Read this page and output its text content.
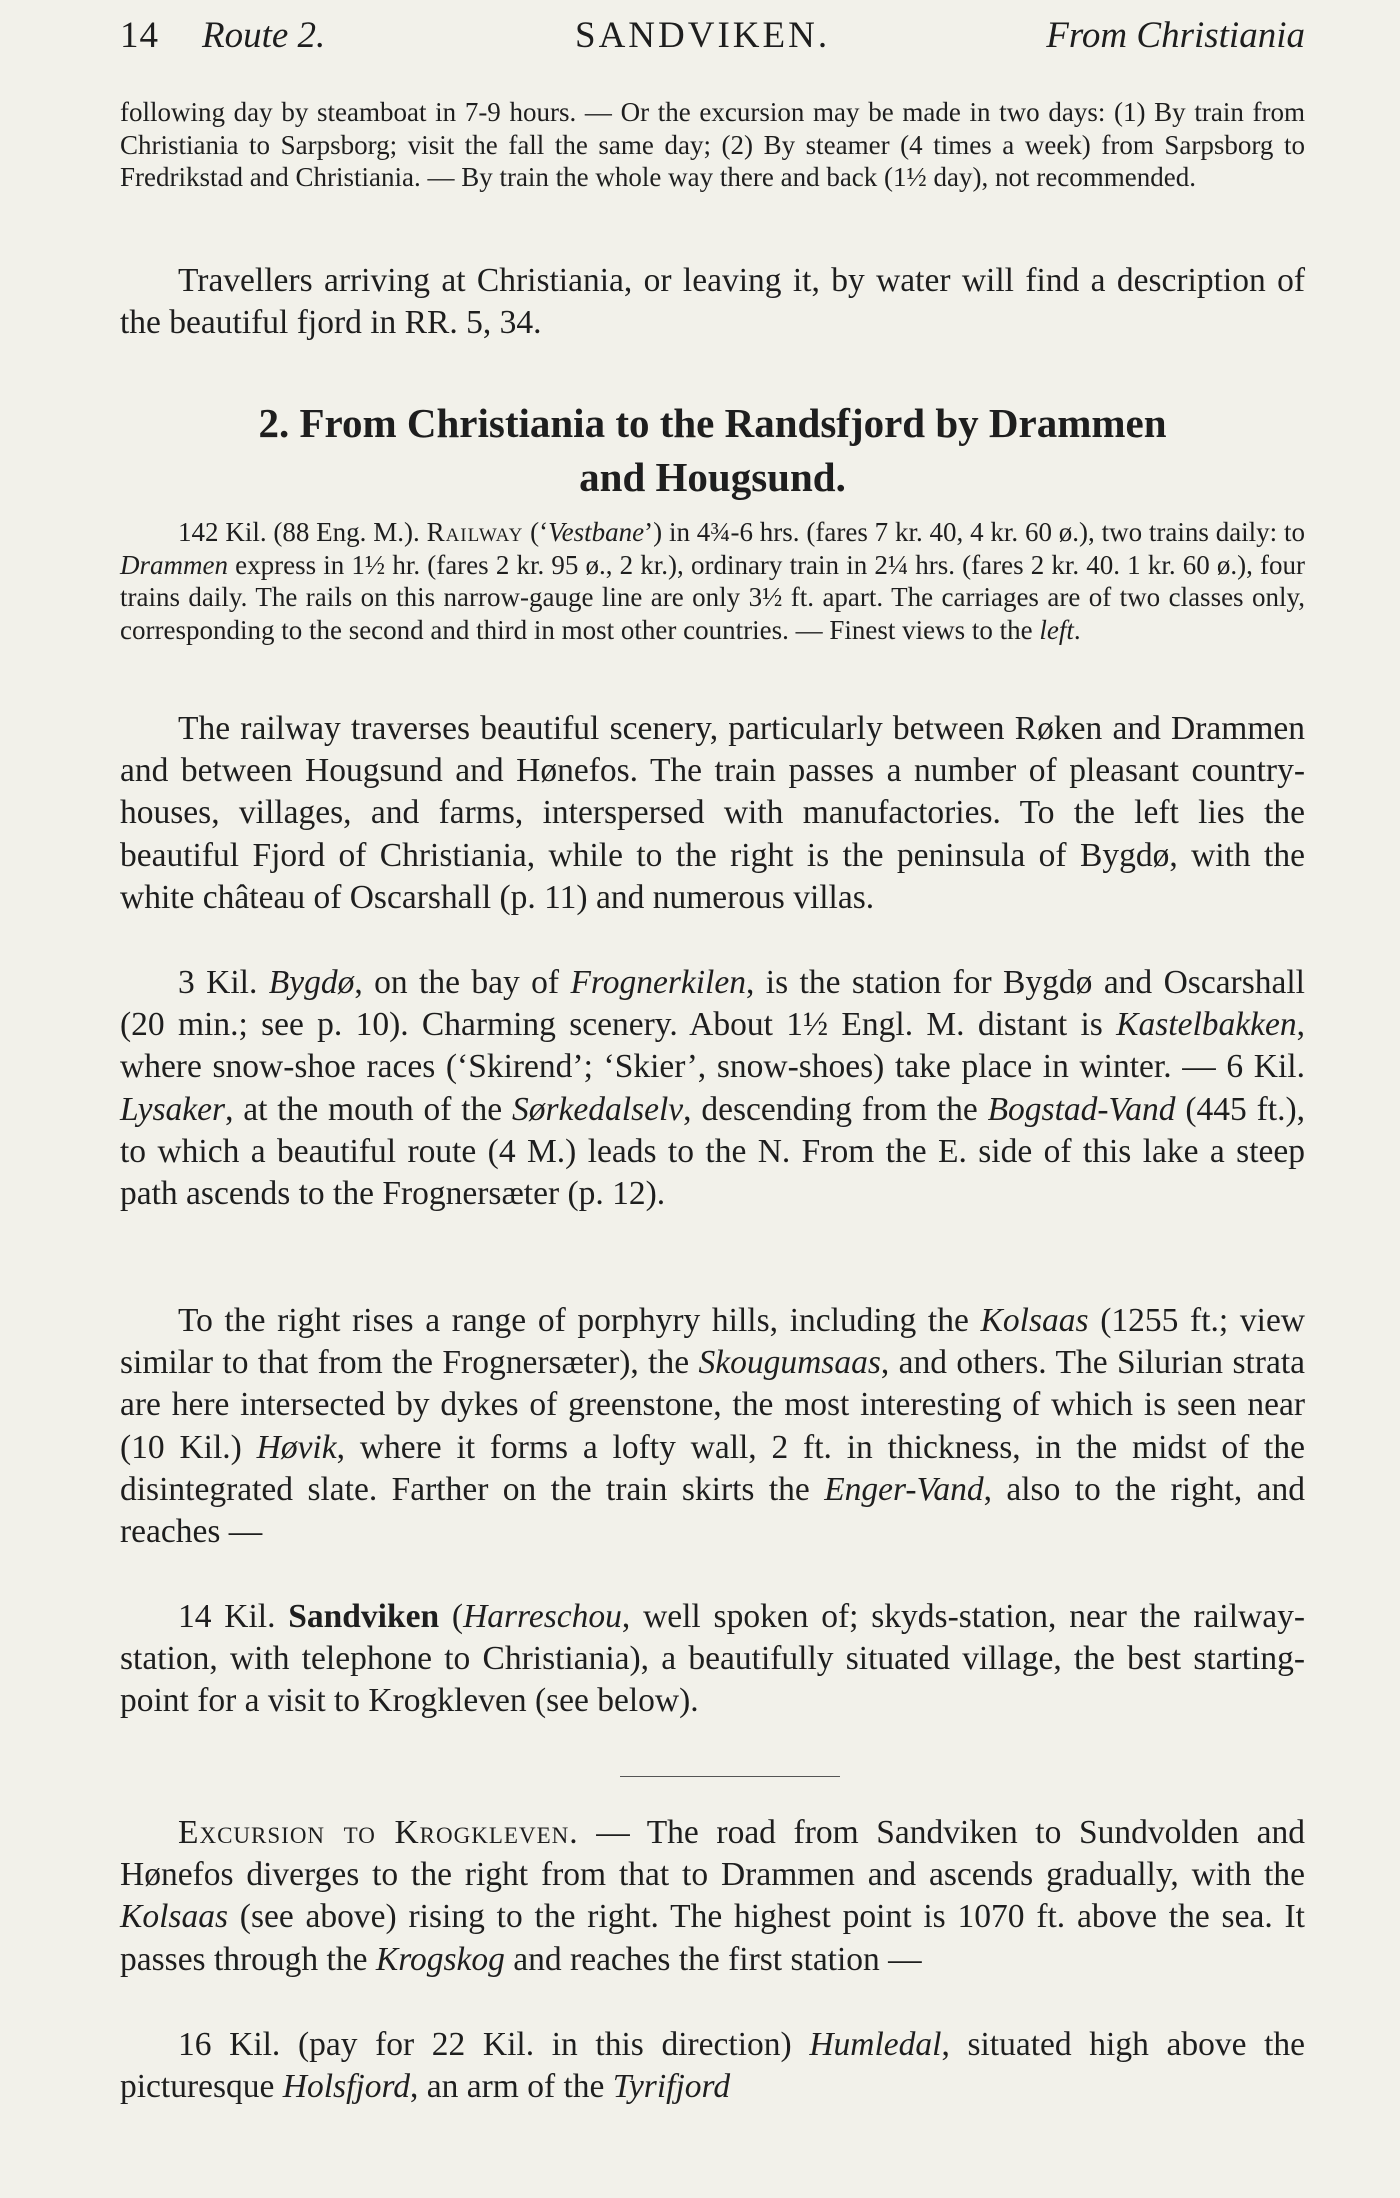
14 Route 2.	SANDVIKEN.	From Christiania

following day by steamboat in 7-9 hours. — Or the excursion may be made in two days: (1) By train from Christiania to Sarpsborg; visit the fall the same day; (2) By steamer (4 times a week) from Sarpsborg to Fredrikstad and Christiania. — By train the whole way there and back (1½ day), not recommended.

Travellers arriving at Christiania, or leaving it, by water will find a description of the beautiful fjord in RR. 5, 34.

2. From Christiania to the Randsfjord by Drammen
and Hougsund.

142 Kil. (88 Eng. M.). Railway (‘Vestbane’) in 4¾-6 hrs. (fares 7 kr. 40, 4 kr. 60 ø.), two trains daily: to Drammen express in 1½ hr. (fares 2 kr. 95 ø., 2 kr.), ordinary train in 2¼ hrs. (fares 2 kr. 40. 1 kr. 60 ø.), four trains daily. The rails on this narrow-gauge line are only 3½ ft. apart. The carriages are of two classes only, corresponding to the second and third in most other countries. — Finest views to the left.

The railway traverses beautiful scenery, particularly between Røken and Drammen and between Hougsund and Hønefos. The train passes a number of pleasant country-houses, villages, and farms, interspersed with manufactories. To the left lies the beautiful Fjord of Christiania, while to the right is the peninsula of Bygdø, with the white château of Oscarshall (p. 11) and numerous villas.

3 Kil. Bygdø, on the bay of Frognerkilen, is the station for Bygdø and Oscarshall (20 min.; see p. 10). Charming scenery. About 1½ Engl. M. distant is Kastelbakken, where snow-shoe races (‘Skirend’; ‘Skier’, snow-shoes) take place in winter. — 6 Kil. Lysaker, at the mouth of the Sørkedalselv, descending from the Bogstad-Vand (445 ft.), to which a beautiful route (4 M.) leads to the N. From the E. side of this lake a steep path ascends to the Frognersæter (p. 12).

To the right rises a range of porphyry hills, including the Kolsaas (1255 ft.; view similar to that from the Frognersæter), the Skougumsaas, and others. The Silurian strata are here intersected by dykes of greenstone, the most interesting of which is seen near (10 Kil.) Høvik, where it forms a lofty wall, 2 ft. in thickness, in the midst of the disintegrated slate. Farther on the train skirts the Enger-Vand, also to the right, and reaches —

14 Kil. Sandviken (Harreschou, well spoken of; skyds-station, near the railway-station, with telephone to Christiania), a beautifully situated village, the best starting-point for a visit to Krogkleven (see below).

Excursion to Krogkleven. — The road from Sandviken to Sundvolden and Hønefos diverges to the right from that to Drammen and ascends gradually, with the Kolsaas (see above) rising to the right. The highest point is 1070 ft. above the sea. It passes through the Krogskog and reaches the first station —

16 Kil. (pay for 22 Kil. in this direction) Humledal, situated high above the picturesque Holsfjord, an arm of the Tyrifjord
